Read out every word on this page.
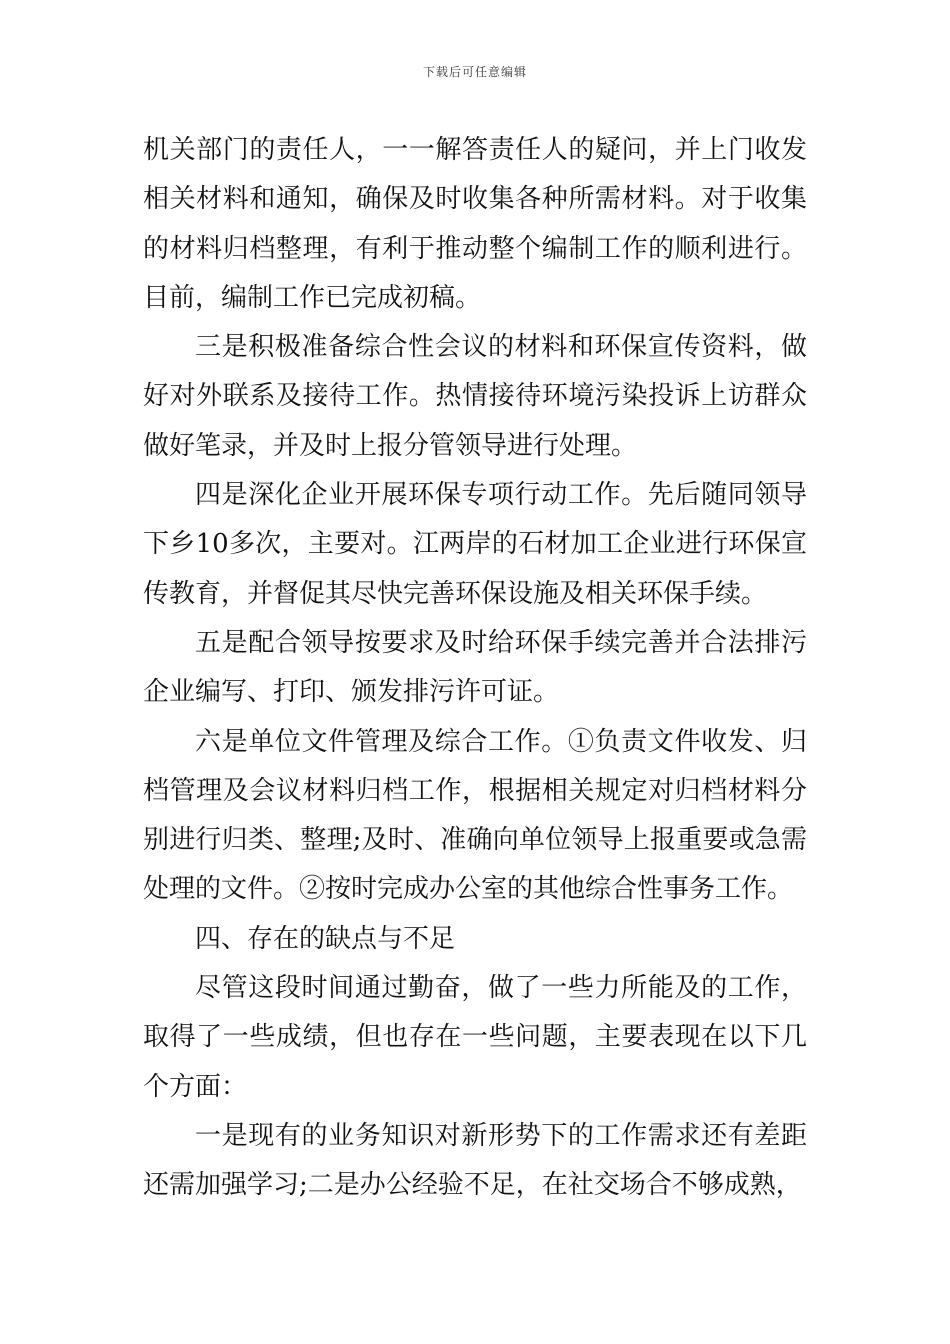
下载后可任意编辑

机关部门的责任人，一一解答责任人的疑问，并上门收发相关材料和通知，确保及时收集各种所需材料。对于收集的材料归档整理，有利于推动整个编制工作的顺利进行。目前，编制工作已完成初稿。

三是积极准备综合性会议的材料和环保宣传资料，做好对外联系及接待工作。热情接待环境污染投诉上访群众做好笔录，并及时上报分管领导进行处理。

四是深化企业开展环保专项行动工作。先后随同领导下乡10多次，主要对。江两岸的石材加工企业进行环保宣传教育，并督促其尽快完善环保设施及相关环保手续。

五是配合领导按要求及时给环保手续完善并合法排污企业编写、打印、颁发排污许可证。

六是单位文件管理及综合工作。①负责文件收发、归档管理及会议材料归档工作，根据相关规定对归档材料分别进行归类、整理;及时、准确向单位领导上报重要或急需处理的文件。②按时完成办公室的其他综合性事务工作。

四、存在的缺点与不足

尽管这段时间通过勤奋，做了一些力所能及的工作，取得了一些成绩，但也存在一些问题，主要表现在以下几个方面：

一是现有的业务知识对新形势下的工作需求还有差距还需加强学习;二是办公经验不足，在社交场合不够成熟，
